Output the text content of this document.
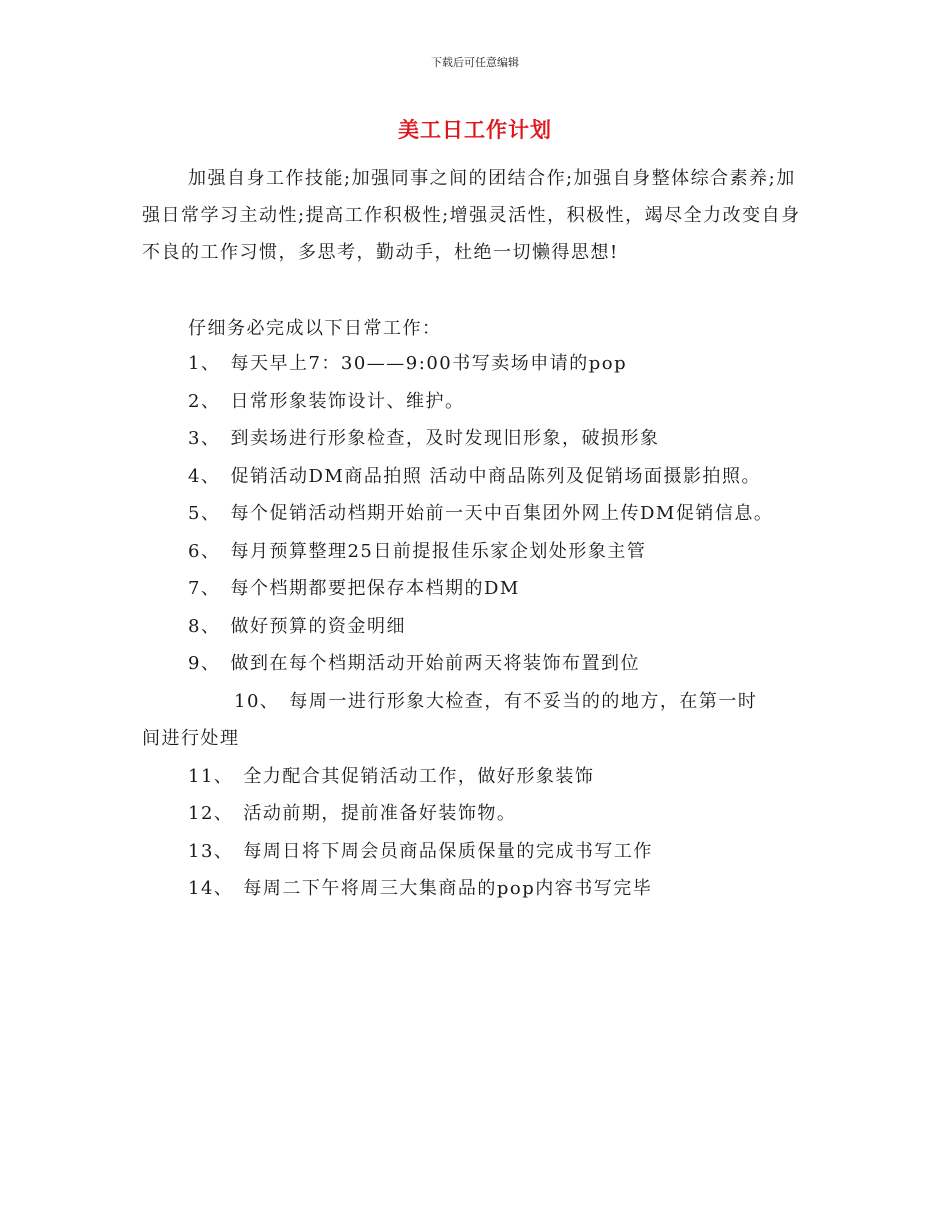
下载后可任意编辑
美工日工作计划

加强自身工作技能;加强同事之间的团结合作;加强自身整体综合素养;加强日常学习主动性;提高工作积极性;增强灵活性，积极性，竭尽全力改变自身不良的工作习惯，多思考，勤动手，杜绝一切懒得思想!

仔细务必完成以下日常工作：

1、 每天早上7：30——9:00书写卖场申请的pop
2、 日常形象装饰设计、维护。
3、 到卖场进行形象检查，及时发现旧形象，破损形象
4、 促销活动DM商品拍照 活动中商品陈列及促销场面摄影拍照。
5、 每个促销活动档期开始前一天中百集团外网上传DM促销信息。
6、 每月预算整理25日前提报佳乐家企划处形象主管
7、 每个档期都要把保存本档期的DM
8、 做好预算的资金明细
9、 做到在每个档期活动开始前两天将装饰布置到位
10、 每周一进行形象大检查，有不妥当的的地方，在第一时间进行处理
11、 全力配合其促销活动工作，做好形象装饰
12、 活动前期，提前准备好装饰物。
13、 每周日将下周会员商品保质保量的完成书写工作
14、 每周二下午将周三大集商品的pop内容书写完毕
